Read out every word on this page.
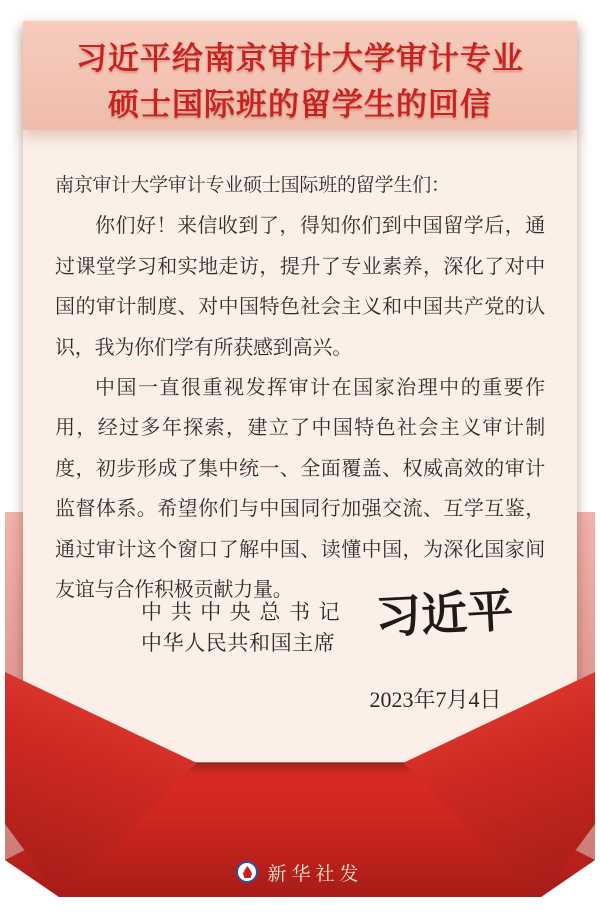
习近平给南京审计大学审计专业
硕士国际班的留学生的回信

南京审计大学审计专业硕士国际班的留学生们：

你们好！来信收到了，得知你们到中国留学后，通过课堂学习和实地走访，提升了专业素养，深化了对中国的审计制度、对中国特色社会主义和中国共产党的认识，我为你们学有所获感到高兴。

中国一直很重视发挥审计在国家治理中的重要作用，经过多年探索，建立了中国特色社会主义审计制度，初步形成了集中统一、全面覆盖、权威高效的审计监督体系。希望你们与中国同行加强交流、互学互鉴，通过审计这个窗口了解中国、读懂中国，为深化国家间友谊与合作积极贡献力量。

中共中央总书记
中华人民共和国主席 习近平
2023年7月4日
新华社发
